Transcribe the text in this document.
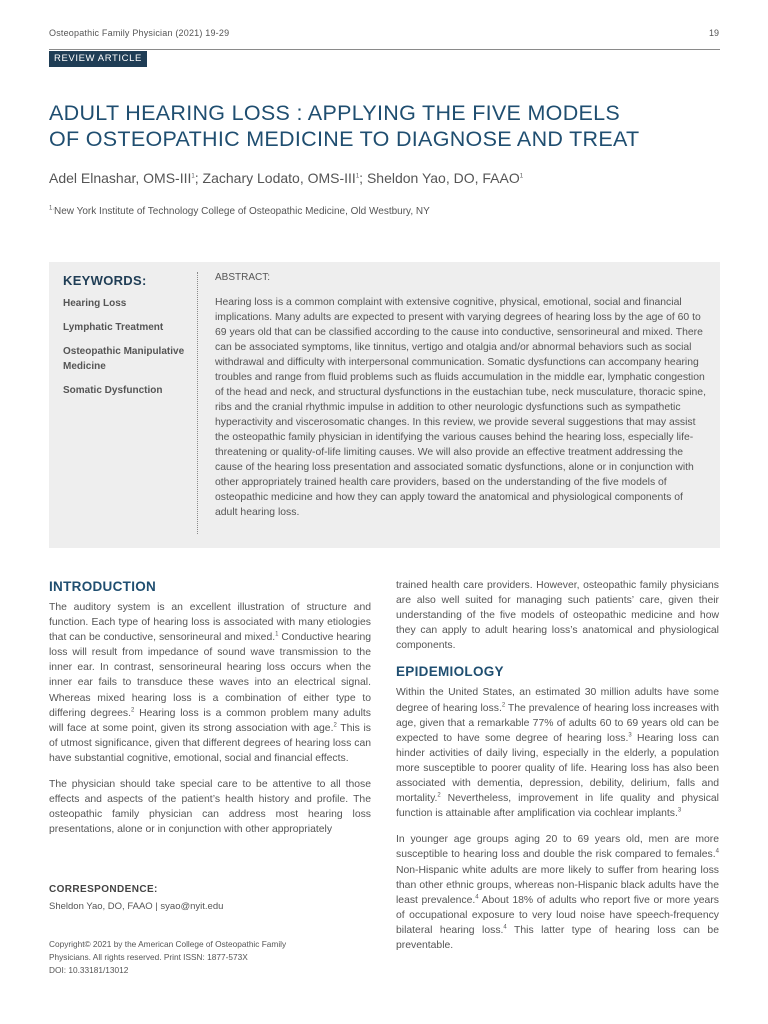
Osteopathic Family Physician (2021) 19-29	19
REVIEW ARTICLE
ADULT HEARING LOSS : APPLYING THE FIVE MODELS
OF OSTEOPATHIC MEDICINE TO DIAGNOSE AND TREAT
Adel Elnashar, OMS-III$^1$; Zachary Lodato, OMS-III$^1$; Sheldon Yao, DO, FAAO$^1$
$^{1.}$New York Institute of Technology College of Osteopathic Medicine, Old Westbury, NY
KEYWORDS:
Hearing Loss
Lymphatic Treatment
Osteopathic Manipulative Medicine
Somatic Dysfunction
ABSTRACT:

Hearing loss is a common complaint with extensive cognitive, physical, emotional, social and financial implications. Many adults are expected to present with varying degrees of hearing loss by the age of 60 to 69 years old that can be classified according to the cause into conductive, sensorineural and mixed. There can be associated symptoms, like tinnitus, vertigo and otalgia and/or abnormal behaviors such as social withdrawal and difficulty with interpersonal communication. Somatic dysfunctions can accompany hearing troubles and range from fluid problems such as fluids accumulation in the middle ear, lymphatic congestion of the head and neck, and structural dysfunctions in the eustachian tube, neck musculature, thoracic spine, ribs and the cranial rhythmic impulse in addition to other neurologic dysfunctions such as sympathetic hyperactivity and viscerosomatic changes. In this review, we provide several suggestions that may assist the osteopathic family physician in identifying the various causes behind the hearing loss, especially life-threatening or quality-of-life limiting causes. We will also provide an effective treatment addressing the cause of the hearing loss presentation and associated somatic dysfunctions, alone or in conjunction with other appropriately trained health care providers, based on the understanding of the five models of osteopathic medicine and how they can apply toward the anatomical and physiological components of adult hearing loss.

INTRODUCTION

The auditory system is an excellent illustration of structure and function. Each type of hearing loss is associated with many etiologies that can be conductive, sensorineural and mixed.$^1$ Conductive hearing loss will result from impedance of sound wave transmission to the inner ear. In contrast, sensorineural hearing loss occurs when the inner ear fails to transduce these waves into an electrical signal. Whereas mixed hearing loss is a combination of either type to differing degrees.$^2$ Hearing loss is a common problem many adults will face at some point, given its strong association with age.$^2$ This is of utmost significance, given that different degrees of hearing loss can have substantial cognitive, emotional, social and financial effects.

The physician should take special care to be attentive to all those effects and aspects of the patient’s health history and profile. The osteopathic family physician can address most hearing loss presentations, alone or in conjunction with other appropriately

trained health care providers. However, osteopathic family physicians are also well suited for managing such patients’ care, given their understanding of the five models of osteopathic medicine and how they can apply to adult hearing loss’s anatomical and physiological components.

EPIDEMIOLOGY

Within the United States, an estimated 30 million adults have some degree of hearing loss.$^2$ The prevalence of hearing loss increases with age, given that a remarkable 77% of adults 60 to 69 years old can be expected to have some degree of hearing loss.$^3$ Hearing loss can hinder activities of daily living, especially in the elderly, a population more susceptible to poorer quality of life. Hearing loss has also been associated with dementia, depression, debility, delirium, falls and mortality.$^2$ Nevertheless, improvement in life quality and physical function is attainable after amplification via cochlear implants.$^3$

In younger age groups aging 20 to 69 years old, men are more susceptible to hearing loss and double the risk compared to females.$^4$ Non-Hispanic white adults are more likely to suffer from hearing loss than other ethnic groups, whereas non-Hispanic black adults have the least prevalence.$^4$ About 18% of adults who report five or more years of occupational exposure to very loud noise have speech-frequency bilateral hearing loss.$^4$ This latter type of hearing loss can be preventable.

CORRESPONDENCE:
Sheldon Yao, DO, FAAO | syao@nyit.edu
Copyright© 2021 by the American College of Osteopathic Family
Physicians. All rights reserved. Print ISSN: 1877-573X
DOI: 10.33181/13012
